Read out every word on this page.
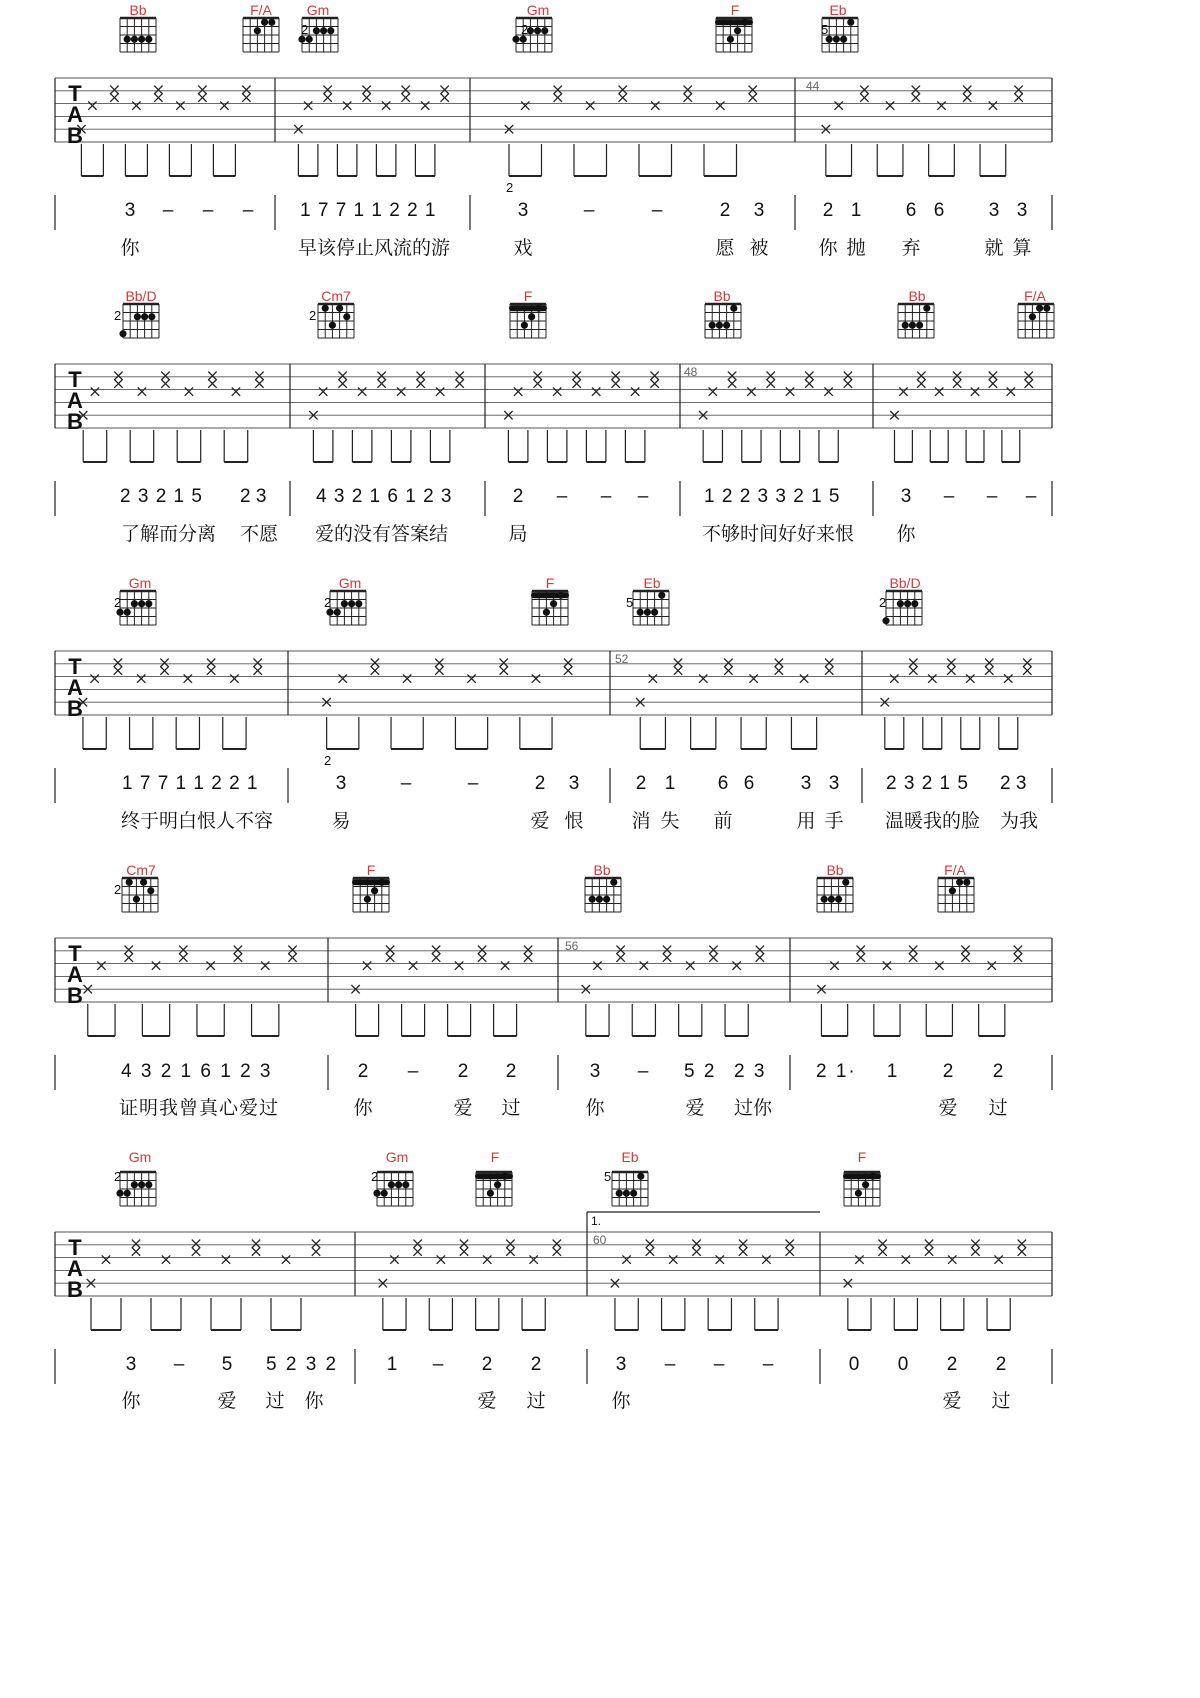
Bb	F/A	Gm
2
Gm
2
F	Eb
5
T
A
B
44
3	–	–	–	1 7 7 1 1 2 2 1	3
2
–	–	2	3	2 1	6 6	3 3
你	早该停止风流的游	戏	愿 被	你 抛 弃	就 算
Bb/D
2
Cm7
2
F	Bb	Bb	F/A
T
A
B
48
2 3 2 1 5	2 3	4 3 2 1 6 1 2 3	2	–	–	–	1 2 2 3 3 2 1 5	3	–	–	–
了解而分离	不愿	爱的没有答案结	局	不够时间好好来恨	你
Gm
2
Gm
2
F	Eb
5
Bb/D
2
T
A
B
52
1 7 7 1 1 2 2 1	3
2
–	–	2	3	2 1	6 6	3 3	2 3 2 1 5	2 3
终于明白恨人不容	易	爱 恨	消 失 前	用 手 温暖我的脸	为我
Cm7
2
F	Bb	Bb	F/A
T
A
B
56
4 3 2 1 6 1 2 3	2	–	2	2	3	–	5 2 2 3	2 1·	1	2	2
证明我曾真心爱过	你	爱 过	你	爱 过你	爱 过
Gm
2
Gm
2
F	Eb
5
F
1.
T
A
B
60
3	–	5	5 2 3 2	1	–	2	2	3	–	–	–	0	0	2	2
你	爱 过 你	爱 过	你	爱 过
